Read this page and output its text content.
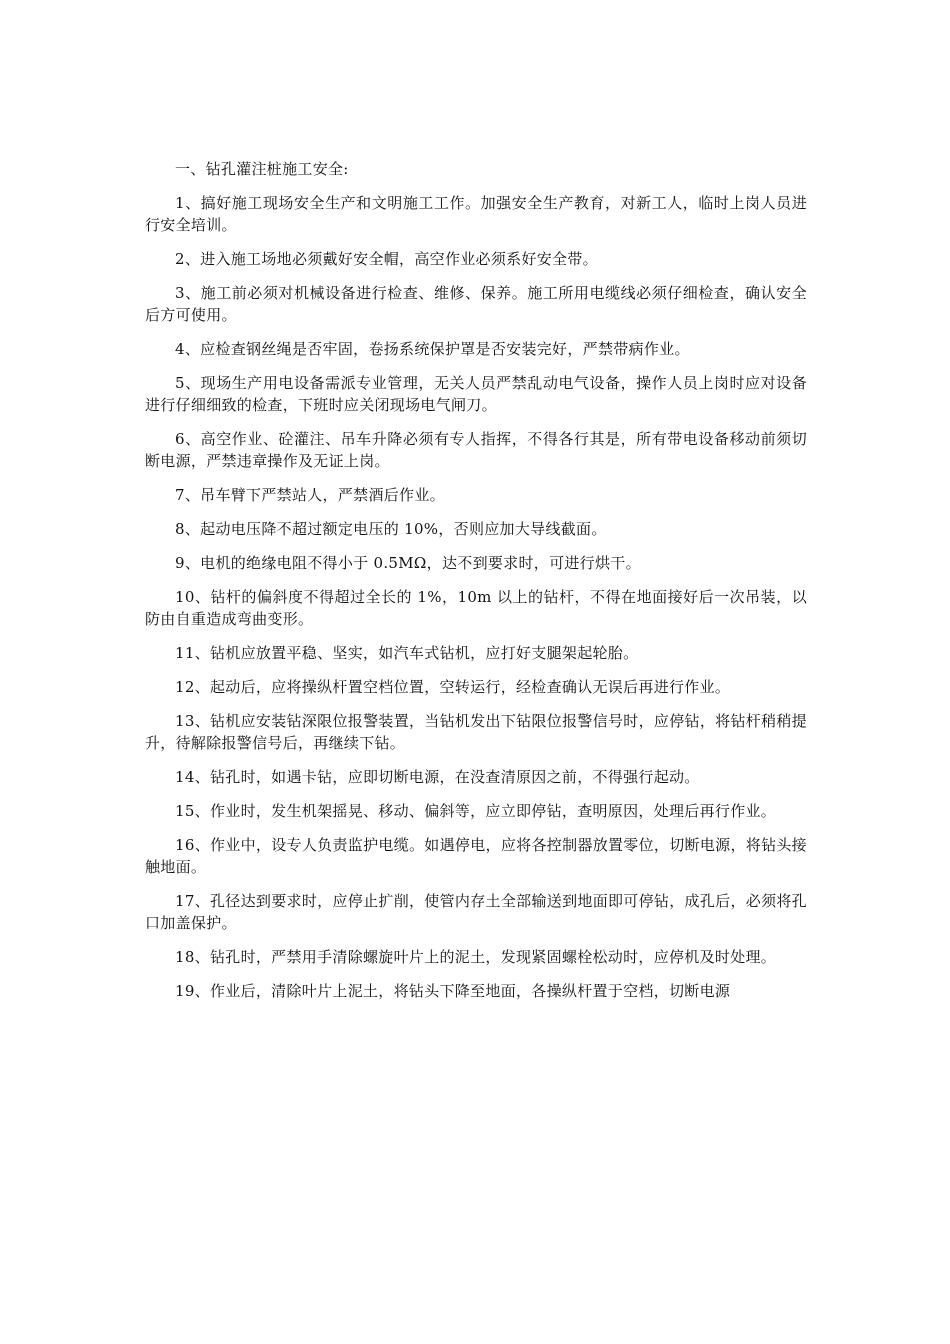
一、钻孔灌注桩施工安全:

1、搞好施工现场安全生产和文明施工工作。加强安全生产教育，对新工人，临时上岗人员进行安全培训。

2、进入施工场地必须戴好安全帽，高空作业必须系好安全带。

3、施工前必须对机械设备进行检查、维修、保养。施工所用电缆线必须仔细检查，确认安全后方可使用。

4、应检查钢丝绳是否牢固，卷扬系统保护罩是否安装完好，严禁带病作业。

5、现场生产用电设备需派专业管理，无关人员严禁乱动电气设备，操作人员上岗时应对设备进行仔细细致的检查，下班时应关闭现场电气闸刀。

6、高空作业、砼灌注、吊车升降必须有专人指挥，不得各行其是，所有带电设备移动前须切断电源，严禁违章操作及无证上岗。

7、吊车臂下严禁站人，严禁酒后作业。

8、起动电压降不超过额定电压的 10%，否则应加大导线截面。

9、电机的绝缘电阻不得小于 0.5MΩ，达不到要求时，可进行烘干。

10、钻杆的偏斜度不得超过全长的 1%，10m 以上的钻杆，不得在地面接好后一次吊装，以防由自重造成弯曲变形。

11、钻机应放置平稳、坚实，如汽车式钻机，应打好支腿架起轮胎。

12、起动后，应将操纵杆置空档位置，空转运行，经检查确认无误后再进行作业。

13、钻机应安装钻深限位报警装置，当钻机发出下钻限位报警信号时，应停钻，将钻杆稍稍提升，待解除报警信号后，再继续下钻。

14、钻孔时，如遇卡钻，应即切断电源，在没查清原因之前，不得强行起动。

15、作业时，发生机架摇晃、移动、偏斜等，应立即停钻，查明原因，处理后再行作业。

16、作业中，设专人负责监护电缆。如遇停电，应将各控制器放置零位，切断电源，将钻头接触地面。

17、孔径达到要求时，应停止扩削，使管内存土全部输送到地面即可停钻，成孔后，必须将孔口加盖保护。

18、钻孔时，严禁用手清除螺旋叶片上的泥土，发现紧固螺栓松动时，应停机及时处理。

19、作业后，清除叶片上泥土，将钻头下降至地面，各操纵杆置于空档，切断电源
